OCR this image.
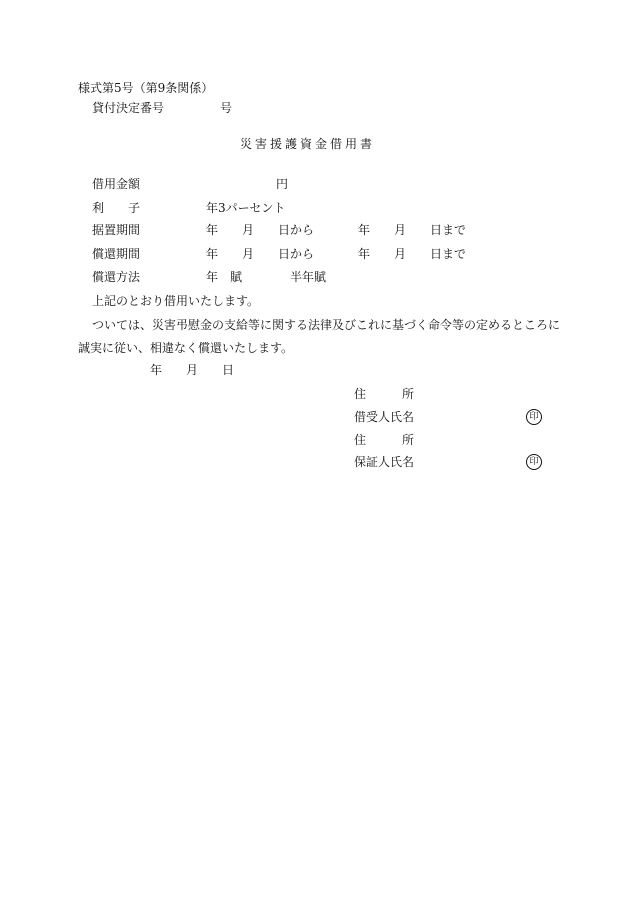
様式第5号（第9条関係）
貸付決定番号	号
災害援護資金借用書
借用金額	円
利　　子	年3パーセント
据置期間	年 月 日から	年 月 日まで
償還期間	年 月 日から	年 月 日まで
償還方法	年　賦	半年賦
上記のとおり借用いたします。
ついては、災害弔慰金の支給等に関する法律及びこれに基づく命令等の定めるところに
誠実に従い、相違なく償還いたします。
年 月 日
住　　　所
借受人氏名	印
住　　　所
保証人氏名	印
